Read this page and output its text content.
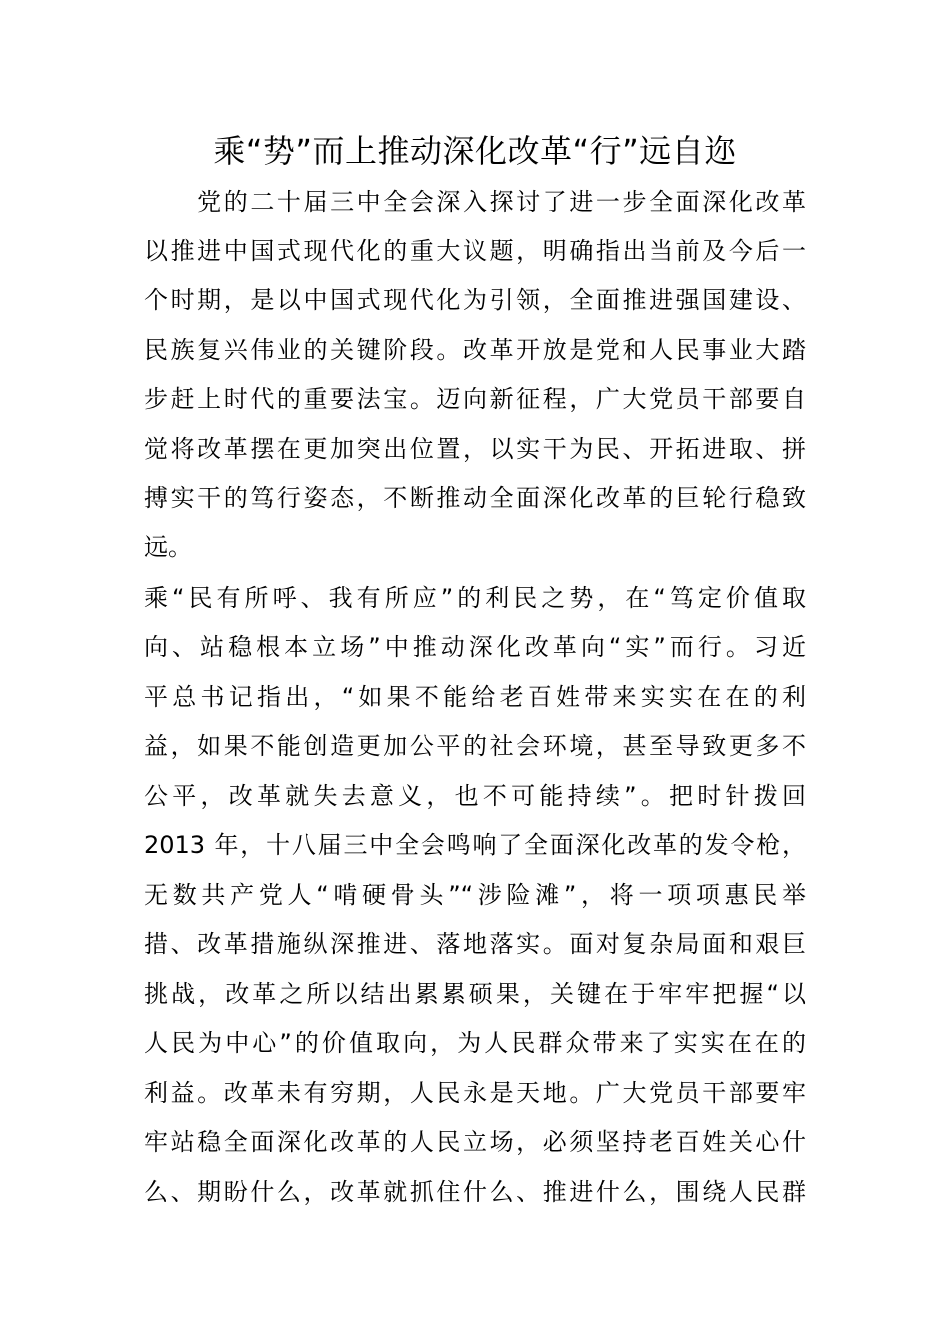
乘“势”而上推动深化改革“行”远自迩

　　党的二十届三中全会深入探讨了进一步全面深化改革

以推进中国式现代化的重大议题，明确指出当前及今后一

个时期，是以中国式现代化为引领，全面推进强国建设、

民族复兴伟业的关键阶段。改革开放是党和人民事业大踏

步赶上时代的重要法宝。迈向新征程，广大党员干部要自

觉将改革摆在更加突出位置，以实干为民、开拓进取、拼

搏实干的笃行姿态，不断推动全面深化改革的巨轮行稳致

远。

乘“民有所呼、我有所应”的利民之势，在“笃定价值取

向、站稳根本立场”中推动深化改革向“实”而行。习近

平总书记指出，“如果不能给老百姓带来实实在在的利

益，如果不能创造更加公平的社会环境，甚至导致更多不

公平，改革就失去意义，也不可能持续”。把时针拨回

2013 年，十八届三中全会鸣响了全面深化改革的发令枪，

无数共产党人“啃硬骨头”“涉险滩”，将一项项惠民举

措、改革措施纵深推进、落地落实。面对复杂局面和艰巨

挑战，改革之所以结出累累硕果，关键在于牢牢把握“以

人民为中心”的价值取向，为人民群众带来了实实在在的

利益。改革未有穷期，人民永是天地。广大党员干部要牢

牢站稳全面深化改革的人民立场，必须坚持老百姓关心什

么、期盼什么，改革就抓住什么、推进什么，围绕人民群
